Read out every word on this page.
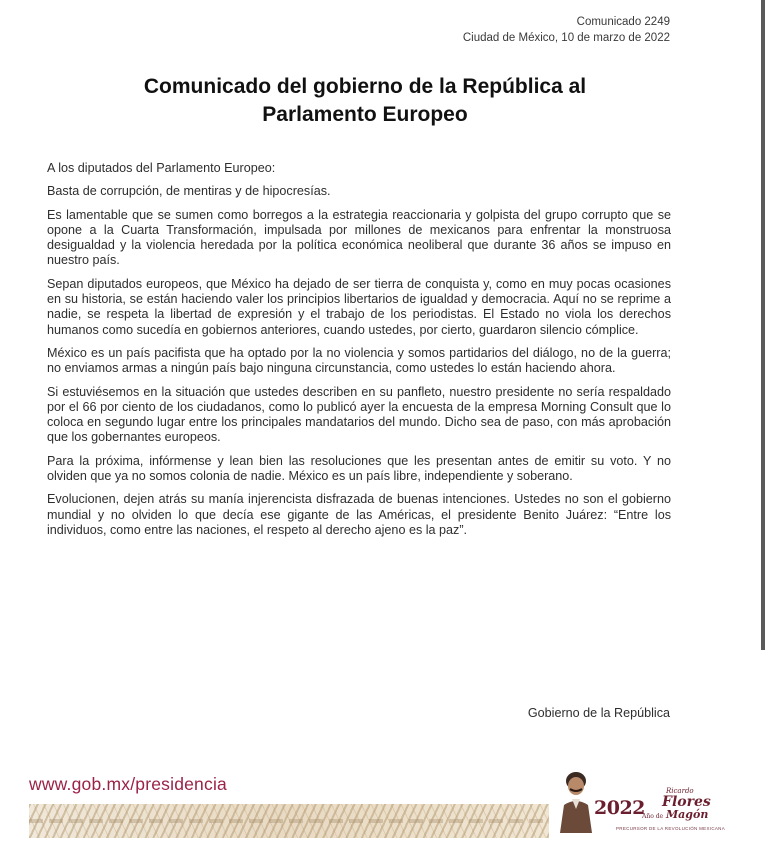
Comunicado 2249
Ciudad de México, 10 de marzo de 2022
Comunicado del gobierno de la República al
Parlamento Europeo

A los diputados del Parlamento Europeo:

Basta de corrupción, de mentiras y de hipocresías.

Es lamentable que se sumen como borregos a la estrategia reaccionaria y golpista del grupo corrupto que se opone a la Cuarta Transformación, impulsada por millones de mexicanos para enfrentar la monstruosa desigualdad y la violencia heredada por la política económica neoliberal que durante 36 años se impuso en nuestro país.

Sepan diputados europeos, que México ha dejado de ser tierra de conquista y, como en muy pocas ocasiones en su historia, se están haciendo valer los principios libertarios de igualdad y democracia. Aquí no se reprime a nadie, se respeta la libertad de expresión y el trabajo de los periodistas. El Estado no viola los derechos humanos como sucedía en gobiernos anteriores, cuando ustedes, por cierto, guardaron silencio cómplice.

México es un país pacifista que ha optado por la no violencia y somos partidarios del diálogo, no de la guerra; no enviamos armas a ningún país bajo ninguna circunstancia, como ustedes lo están haciendo ahora.

Si estuviésemos en la situación que ustedes describen en su panfleto, nuestro presidente no sería respaldado por el 66 por ciento de los ciudadanos, como lo publicó ayer la encuesta de la empresa Morning Consult que lo coloca en segundo lugar entre los principales mandatarios del mundo. Dicho sea de paso, con más aprobación que los gobernantes europeos.

Para la próxima, infórmense y lean bien las resoluciones que les presentan antes de emitir su voto. Y no olviden que ya no somos colonia de nadie. México es un país libre, independiente y soberano.

Evolucionen, dejen atrás su manía injerencista disfrazada de buenas intenciones. Ustedes no son el gobierno mundial y no olviden lo que decía ese gigante de las Américas, el presidente Benito Juárez: “Entre los individuos, como entre las naciones, el respeto al derecho ajeno es la paz”.

Gobierno de la República
www.gob.mx/presidencia
2022
Año de
Ricardo
Flores
Magón
PRECURSOR DE LA REVOLUCIÓN MEXICANA
